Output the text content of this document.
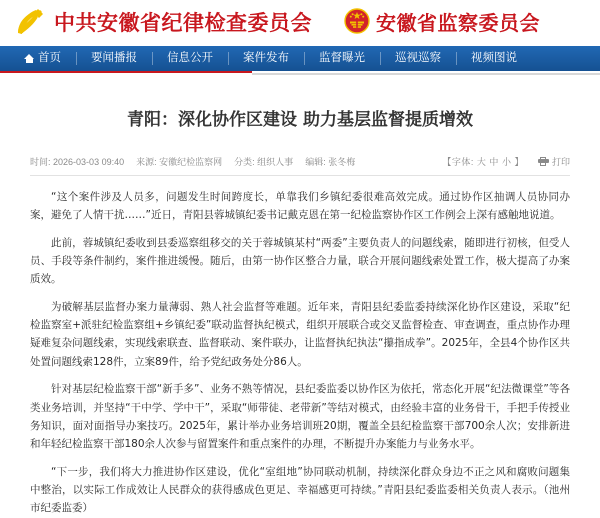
中共安徽省纪律检查委员会	安徽省监察委员会
首页	要闻播报	信息公开	案件发布	监督曝光	巡视巡察	视频图说
青阳：深化协作区建设 助力基层监督提质增效
时间: 2026-03-03 09:40 来源: 安徽纪检监察网 分类: 组织人事 编辑: 张冬梅	【字体: 大 中 小 】	打印

“这个案件涉及人员多，问题发生时间跨度长，单靠我们乡镇纪委很难高效完成。通过协作区抽调人员协同办案，避免了人情干扰……”近日，青阳县蓉城镇纪委书记戴克恩在第一纪检监察协作区工作例会上深有感触地说道。

此前，蓉城镇纪委收到县委巡察组移交的关于蓉城镇某村“两委”主要负责人的问题线索，随即进行初核，但受人员、手段等条件制约，案件推进缓慢。随后，由第一协作区整合力量，联合开展问题线索处置工作，极大提高了办案质效。

为破解基层监督办案力量薄弱、熟人社会监督等难题。近年来，青阳县纪委监委持续深化协作区建设，采取“纪检监察室+派驻纪检监察组+乡镇纪委”联动监督执纪模式，组织开展联合或交叉监督检查、审查调查，重点协作办理疑难复杂问题线索，实现线索联查、监督联动、案件联办，让监督执纪执法“攥指成拳”。2025年，全县4个协作区共处置问题线索128件，立案89件，给予党纪政务处分86人。

针对基层纪检监察干部“新手多”、业务不熟等情况，县纪委监委以协作区为依托，常态化开展“纪法微课堂”等各类业务培训，并坚持“干中学、学中干”，采取“师带徒、老带新”等结对模式，由经验丰富的业务骨干，手把手传授业务知识，面对面指导办案技巧。2025年，累计举办业务培训班20期，覆盖全县纪检监察干部700余人次；安排新进和年轻纪检监察干部180余人次参与留置案件和重点案件的办理，不断提升办案能力与业务水平。

“下一步，我们将大力推进协作区建设，优化“室组地”协同联动机制，持续深化群众身边不正之风和腐败问题集中整治，以实际工作成效让人民群众的获得感成色更足、幸福感更可持续。”青阳县纪委监委相关负责人表示。（池州市纪委监委）
